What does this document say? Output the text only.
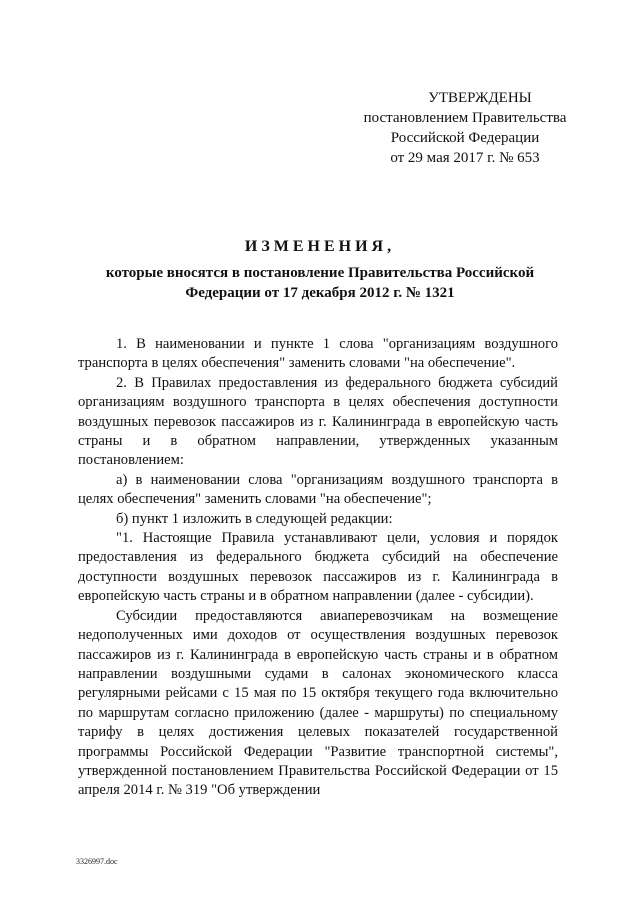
УТВЕРЖДЕНЫ
постановлением Правительства
Российской Федерации
от 29 мая 2017 г. № 653
ИЗМЕНЕНИЯ,
которые вносятся в постановление Правительства Российской Федерации от 17 декабря 2012 г. № 1321

1. В наименовании и пункте 1 слова "организациям воздушного транспорта в целях обеспечения" заменить словами "на обеспечение".

2. В Правилах предоставления из федерального бюджета субсидий организациям воздушного транспорта в целях обеспечения доступности воздушных перевозок пассажиров из г. Калининграда в европейскую часть страны и в обратном направлении, утвержденных указанным постановлением:

а) в наименовании слова "организациям воздушного транспорта в целях обеспечения" заменить словами "на обеспечение";

б) пункт 1 изложить в следующей редакции:

"1. Настоящие Правила устанавливают цели, условия и порядок предоставления из федерального бюджета субсидий на обеспечение доступности воздушных перевозок пассажиров из г. Калининграда в европейскую часть страны и в обратном направлении (далее - субсидии).

Субсидии предоставляются авиаперевозчикам на возмещение недополученных ими доходов от осуществления воздушных перевозок пассажиров из г. Калининграда в европейскую часть страны и в обратном направлении воздушными судами в салонах экономического класса регулярными рейсами с 15 мая по 15 октября текущего года включительно по маршрутам согласно приложению (далее - маршруты) по специальному тарифу в целях достижения целевых показателей государственной программы Российской Федерации "Развитие транспортной системы", утвержденной постановлением Правительства Российской Федерации от 15 апреля 2014 г. № 319 "Об утверждении

3326997.doc
